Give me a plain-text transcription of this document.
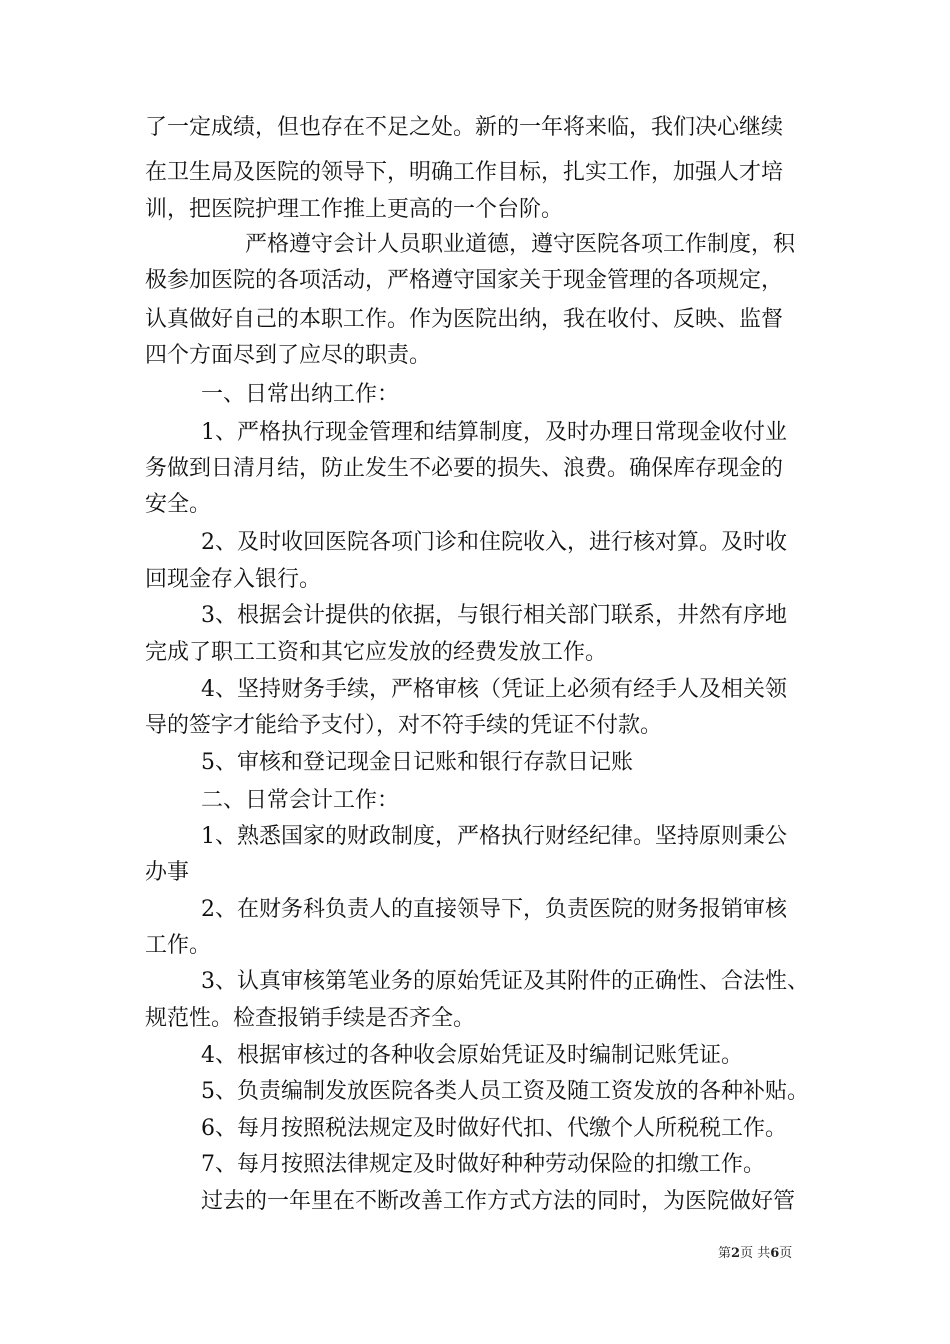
了一定成绩，但也存在不足之处。新的一年将来临，我们决心继续
在卫生局及医院的领导下，明确工作目标，扎实工作，加强人才培
训，把医院护理工作推上更高的一个台阶。
严格遵守会计人员职业道德，遵守医院各项工作制度，积
极参加医院的各项活动，严格遵守国家关于现金管理的各项规定，
认真做好自己的本职工作。作为医院出纳，我在收付、反映、监督
四个方面尽到了应尽的职责。
一、日常出纳工作：
1、严格执行现金管理和结算制度，及时办理日常现金收付业
务做到日清月结，防止发生不必要的损失、浪费。确保库存现金的
安全。
2、及时收回医院各项门诊和住院收入，进行核对算。及时收
回现金存入银行。
3、根据会计提供的依据，与银行相关部门联系，井然有序地
完成了职工工资和其它应发放的经费发放工作。
4、坚持财务手续，严格审核（凭证上必须有经手人及相关领
导的签字才能给予支付），对不符手续的凭证不付款。
5、审核和登记现金日记账和银行存款日记账
二、日常会计工作：
1、熟悉国家的财政制度，严格执行财经纪律。坚持原则秉公
办事
2、在财务科负责人的直接领导下，负责医院的财务报销审核
工作。
3、认真审核第笔业务的原始凭证及其附件的正确性、合法性、
规范性。检查报销手续是否齐全。
4、根据审核过的各种收会原始凭证及时编制记账凭证。
5、负责编制发放医院各类人员工资及随工资发放的各种补贴。
6、每月按照税法规定及时做好代扣、代缴个人所税税工作。
7、每月按照法律规定及时做好种种劳动保险的扣缴工作。
过去的一年里在不断改善工作方式方法的同时，为医院做好管
第2页 共6页
